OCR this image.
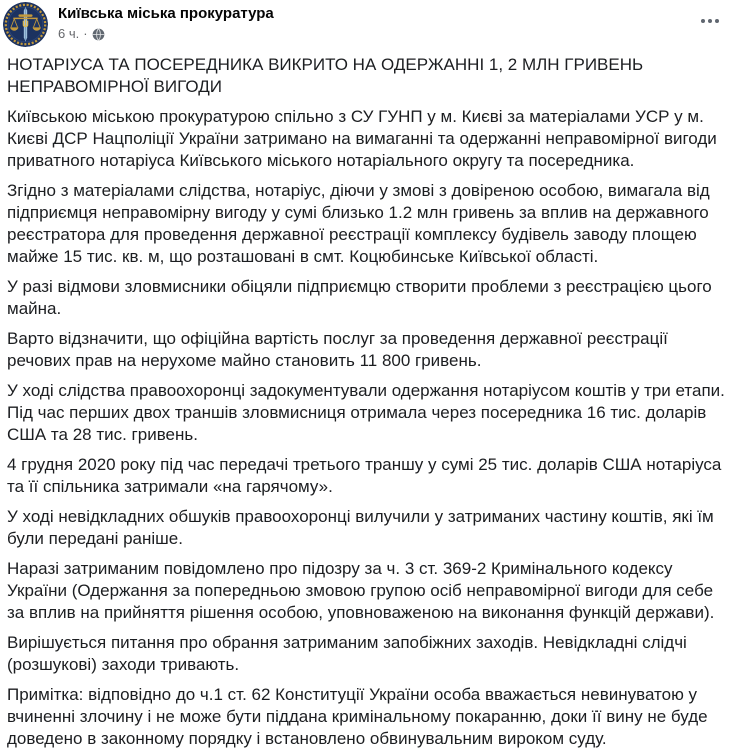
Київська міська прокуратура
6 ч. ·

НОТАРІУСА ТА ПОСЕРЕДНИКА ВИКРИТО НА ОДЕРЖАННІ 1, 2 МЛН ГРИВЕНЬ НЕПРАВОМІРНОЇ ВИГОДИ

Київською міською прокуратурою спільно з СУ ГУНП у м. Києві за матеріалами УСР у м. Києві ДСР Нацполіції України затримано на вимаганні та одержанні неправомірної вигоди приватного нотаріуса Київського міського нотаріального округу та посередника.

Згідно з матеріалами слідства, нотаріус, діючи у змові з довіреною особою, вимагала від підприємця неправомірну вигоду у сумі близько 1.2 млн гривень за вплив на державного реєстратора для проведення державної реєстрації комплексу будівель заводу площею майже 15 тис. кв. м, що розташовані в смт. Коцюбинське Київської області.

У разі відмови зловмисники обіцяли підприємцю створити проблеми з реєстрацією цього майна.

Варто відзначити, що офіційна вартість послуг за проведення державної реєстрації речових прав на нерухоме майно становить 11 800 гривень.

У ході слідства правоохоронці задокументували одержання нотаріусом коштів у три етапи. Під час перших двох траншів зловмисниця отримала через посередника 16 тис. доларів США та 28 тис. гривень.

4 грудня 2020 року під час передачі третього траншу у сумі 25 тис. доларів США нотаріуса та її спільника затримали «на гарячому».

У ході невідкладних обшуків правоохоронці вилучили у затриманих частину коштів, які їм були передані раніше.

Наразі затриманим повідомлено про підозру за ч. 3 ст. 369-2 Кримінального кодексу України (Одержання за попередньою змовою групою осіб неправомірної вигоди для себе за вплив на прийняття рішення особою, уповноваженою на виконання функцій держави).

Вирішується питання про обрання затриманим запобіжних заходів. Невідкладні слідчі (розшукові) заходи тривають.

Примітка: відповідно до ч.1 ст. 62 Конституції України особа вважається невинуватою у вчиненні злочину і не може бути піддана кримінальному покаранню, доки її вину не буде доведено в законному порядку і встановлено обвинувальним вироком суду.
